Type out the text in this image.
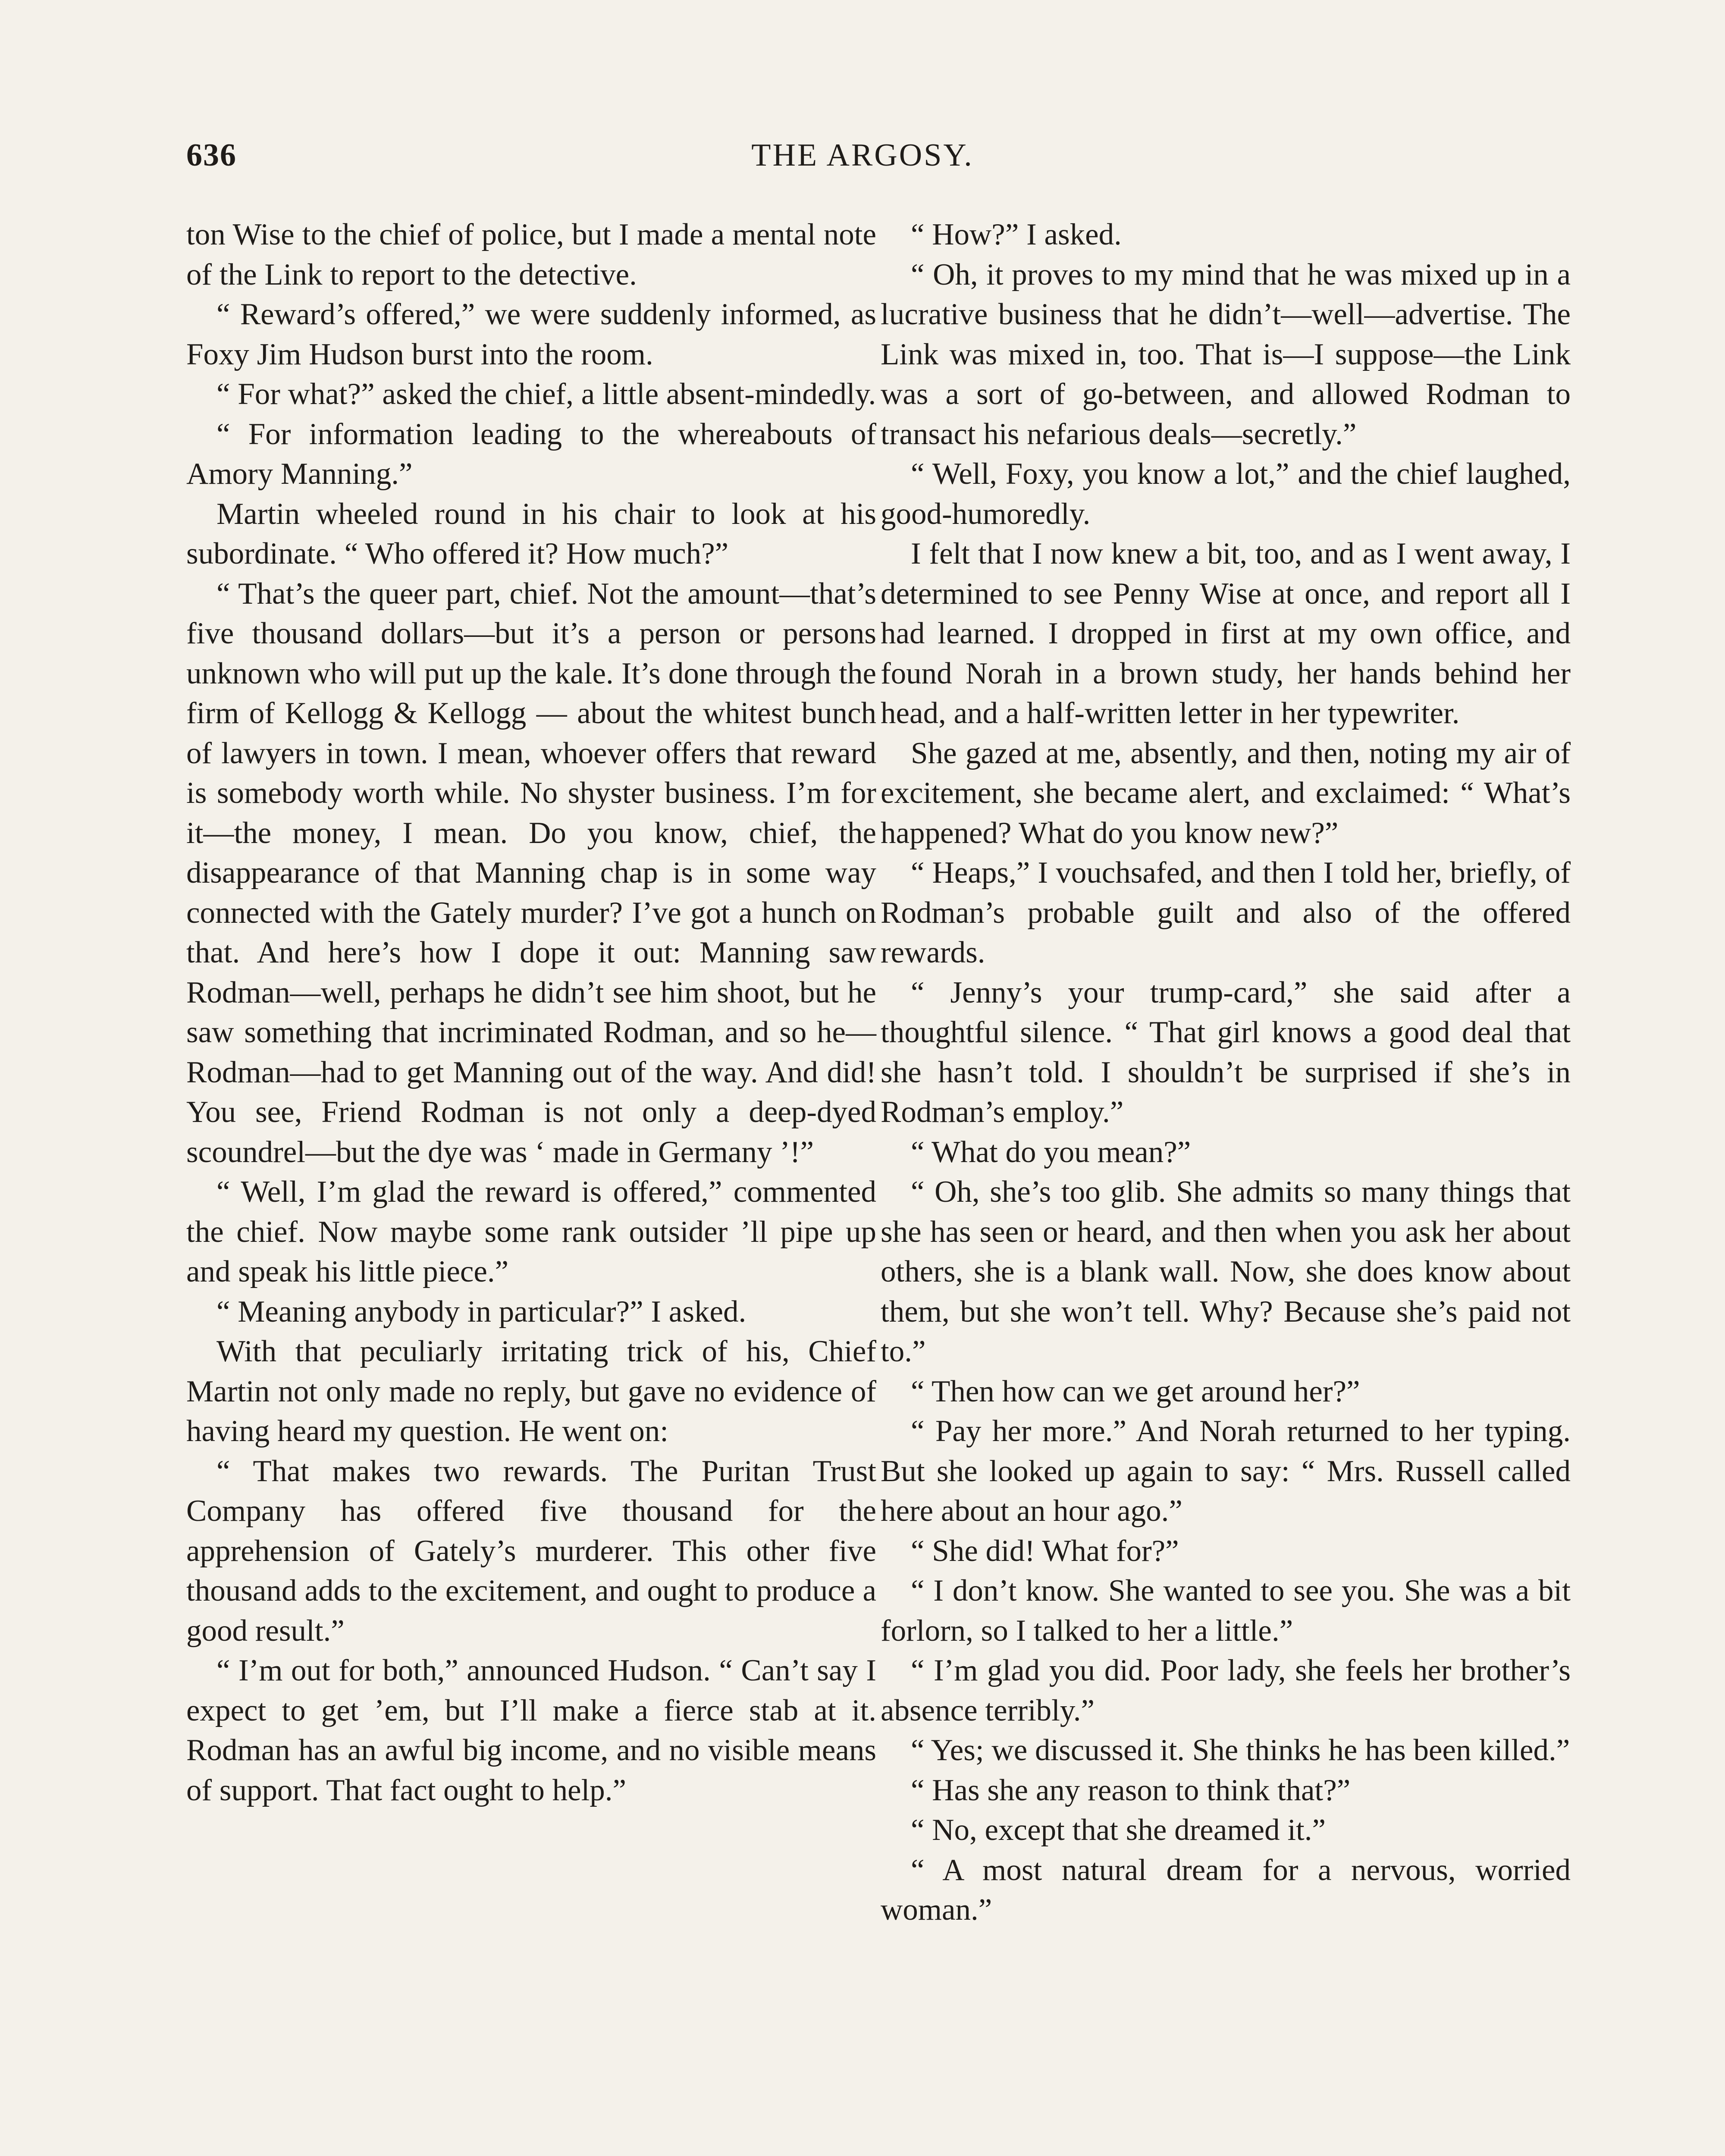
636	THE ARGOSY.

ton Wise to the chief of police, but I made a mental note of the Link to report to the detective.

“ Reward’s offered,” we were suddenly informed, as Foxy Jim Hudson burst into the room.

“ For what?” asked the chief, a little absent-mindedly.

“ For information leading to the whereabouts of Amory Manning.”

Martin wheeled round in his chair to look at his subordinate. “ Who offered it? How much?”

“ That’s the queer part, chief. Not the amount—that’s five thousand dollars—but it’s a person or persons unknown who will put up the kale. It’s done through the firm of Kellogg & Kellogg — about the whitest bunch of lawyers in town. I mean, whoever offers that reward is somebody worth while. No shyster business. I’m for it—the money, I mean. Do you know, chief, the disappearance of that Manning chap is in some way connected with the Gately murder? I’ve got a hunch on that. And here’s how I dope it out: Manning saw Rodman—well, perhaps he didn’t see him shoot, but he saw something that incriminated Rodman, and so he—Rodman—had to get Manning out of the way. And did! You see, Friend Rodman is not only a deep-dyed scoundrel—but the dye was ‘ made in Germany ’!”

“ Well, I’m glad the reward is offered,” commented the chief. Now maybe some rank outsider ’ll pipe up and speak his little piece.”

“ Meaning anybody in particular?” I asked.

With that peculiarly irritating trick of his, Chief Martin not only made no reply, but gave no evidence of having heard my question. He went on:

“ That makes two rewards. The Puritan Trust Company has offered five thousand for the apprehension of Gately’s murderer. This other five thousand adds to the excitement, and ought to produce a good result.”

“ I’m out for both,” announced Hudson. “ Can’t say I expect to get ’em, but I’ll make a fierce stab at it. Rodman has an awful big income, and no visible means of support. That fact ought to help.”

“ How?” I asked.

“ Oh, it proves to my mind that he was mixed up in a lucrative business that he didn’t—well—advertise. The Link was mixed in, too. That is—I suppose—the Link was a sort of go-between, and allowed Rodman to transact his nefarious deals—secretly.”

“ Well, Foxy, you know a lot,” and the chief laughed, good-humoredly.

I felt that I now knew a bit, too, and as I went away, I determined to see Penny Wise at once, and report all I had learned. I dropped in first at my own office, and found Norah in a brown study, her hands behind her head, and a half-written letter in her typewriter.

She gazed at me, absently, and then, noting my air of excitement, she became alert, and exclaimed: “ What’s happened? What do you know new?”

“ Heaps,” I vouchsafed, and then I told her, briefly, of Rodman’s probable guilt and also of the offered rewards.

“ Jenny’s your trump-card,” she said after a thoughtful silence. “ That girl knows a good deal that she hasn’t told. I shouldn’t be surprised if she’s in Rodman’s employ.”

“ What do you mean?”

“ Oh, she’s too glib. She admits so many things that she has seen or heard, and then when you ask her about others, she is a blank wall. Now, she does know about them, but she won’t tell. Why? Because she’s paid not to.”

“ Then how can we get around her?”

“ Pay her more.” And Norah returned to her typing. But she looked up again to say: “ Mrs. Russell called here about an hour ago.”

“ She did! What for?”

“ I don’t know. She wanted to see you. She was a bit forlorn, so I talked to her a little.”

“ I’m glad you did. Poor lady, she feels her brother’s absence terribly.”

“ Yes; we discussed it. She thinks he has been killed.”

“ Has she any reason to think that?”

“ No, except that she dreamed it.”

“ A most natural dream for a nervous, worried woman.”
